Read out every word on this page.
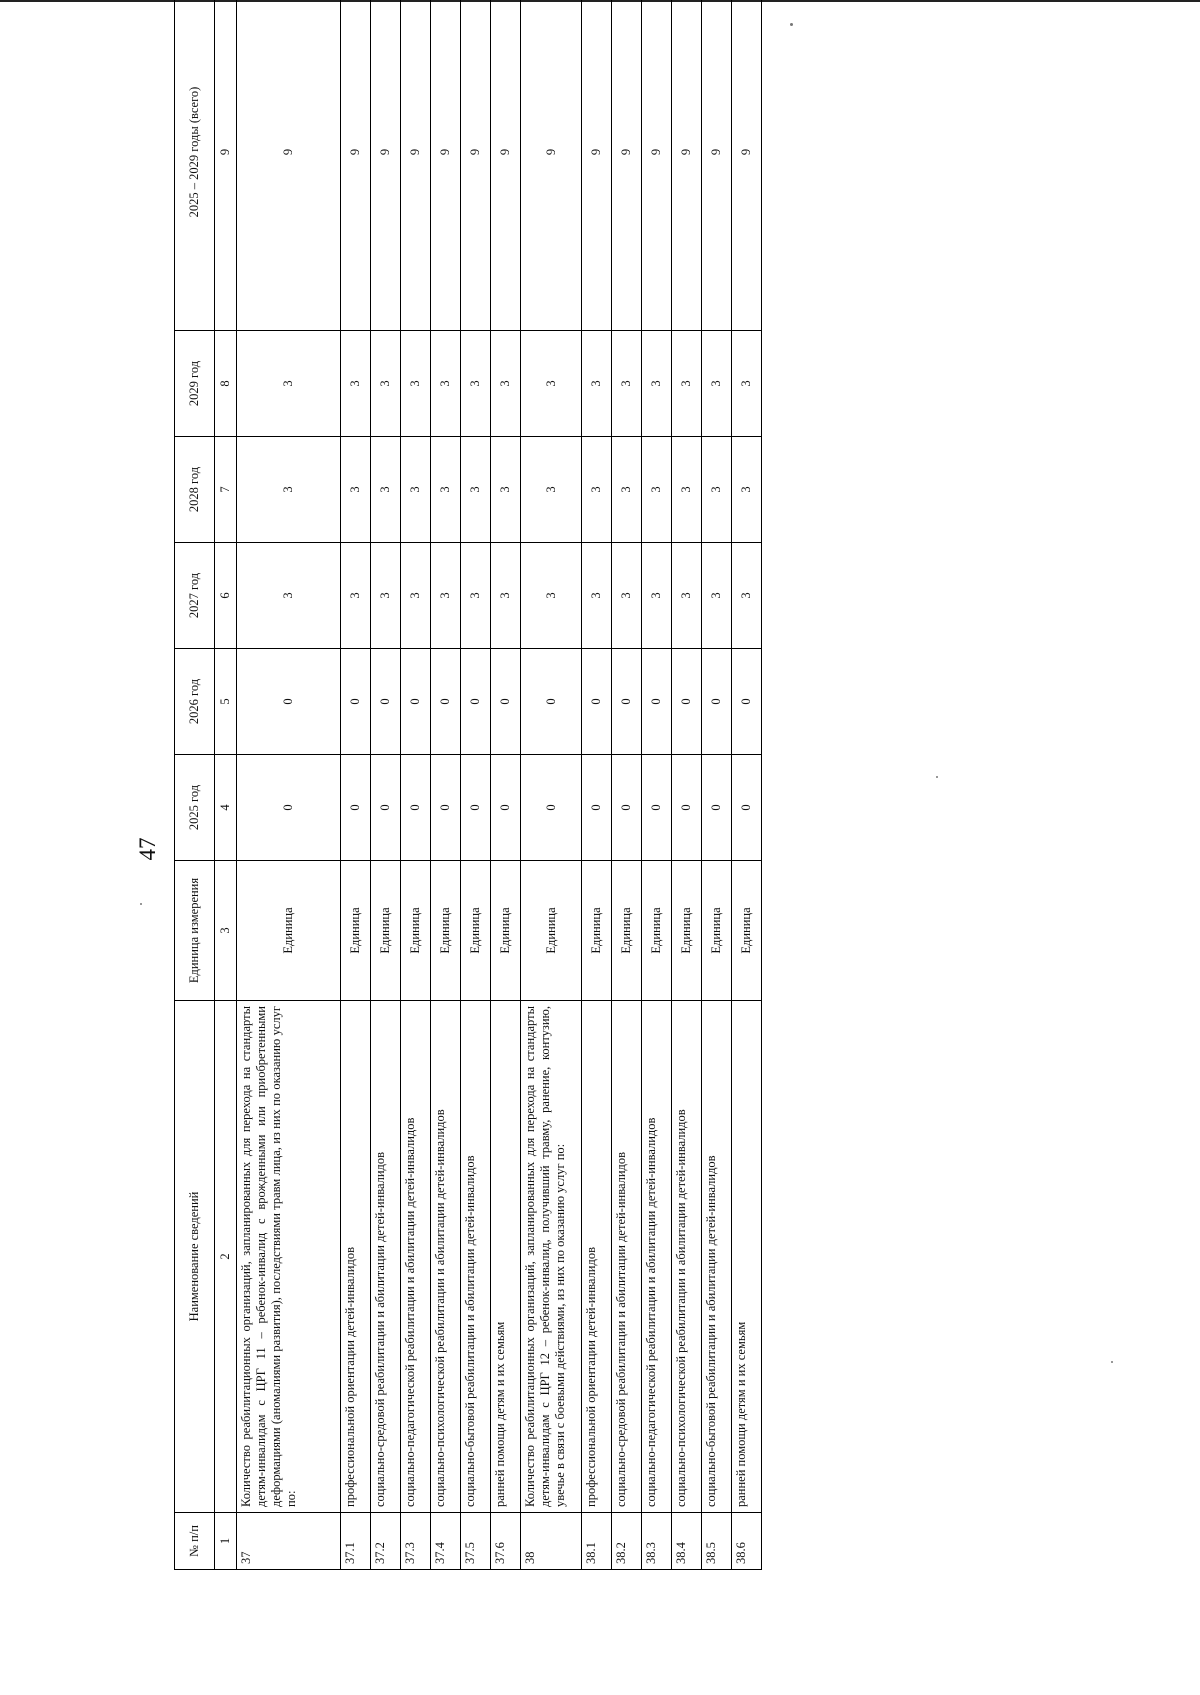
47
№ п/п	Наименование сведений	Единица измерения	2025 год	2026 год	2027 год	2028 год	2029 год	2025 – 2029 годы (всего)
1	2	3	4	5	6	7	8	9
37	Количество реабилитационных организаций, запланированных для перехода на стандарты детям-инвалидам с ЦРГ 11 – ребенок-инвалид с врожденными или приобретенными деформациями (аномалиями развития), последствиями травм лица, из них по оказанию услуг по:	Единица	0	0	3	3	3	9
37.1	профессиональной ориентации детей-инвалидов	Единица	0	0	3	3	3	9
37.2	социально-средовой реабилитации и абилитации детей-инвалидов	Единица	0	0	3	3	3	9
37.3	социально-педагогической реабилитации и абилитации детей-инвалидов	Единица	0	0	3	3	3	9
37.4	социально-психологической реабилитации и абилитации детей-инвалидов	Единица	0	0	3	3	3	9
37.5	социально-бытовой реабилитации и абилитации детей-инвалидов	Единица	0	0	3	3	3	9
37.6	ранней помощи детям и их семьям	Единица	0	0	3	3	3	9
38	Количество реабилитационных организаций, запланированных для перехода на стандарты детям-инвалидам с ЦРГ 12 – ребенок-инвалид, получивший травму, ранение, контузию, увечье в связи с боевыми действиями, из них по оказанию услуг по:	Единица	0	0	3	3	3	9
38.1	профессиональной ориентации детей-инвалидов	Единица	0	0	3	3	3	9
38.2	социально-средовой реабилитации и абилитации детей-инвалидов	Единица	0	0	3	3	3	9
38.3	социально-педагогической реабилитации и абилитации детей-инвалидов	Единица	0	0	3	3	3	9
38.4	социально-психологической реабилитации и абилитации детей-инвалидов	Единица	0	0	3	3	3	9
38.5	социально-бытовой реабилитации и абилитации детей-инвалидов	Единица	0	0	3	3	3	9
38.6	ранней помощи детям и их семьям	Единица	0	0	3	3	3	9
